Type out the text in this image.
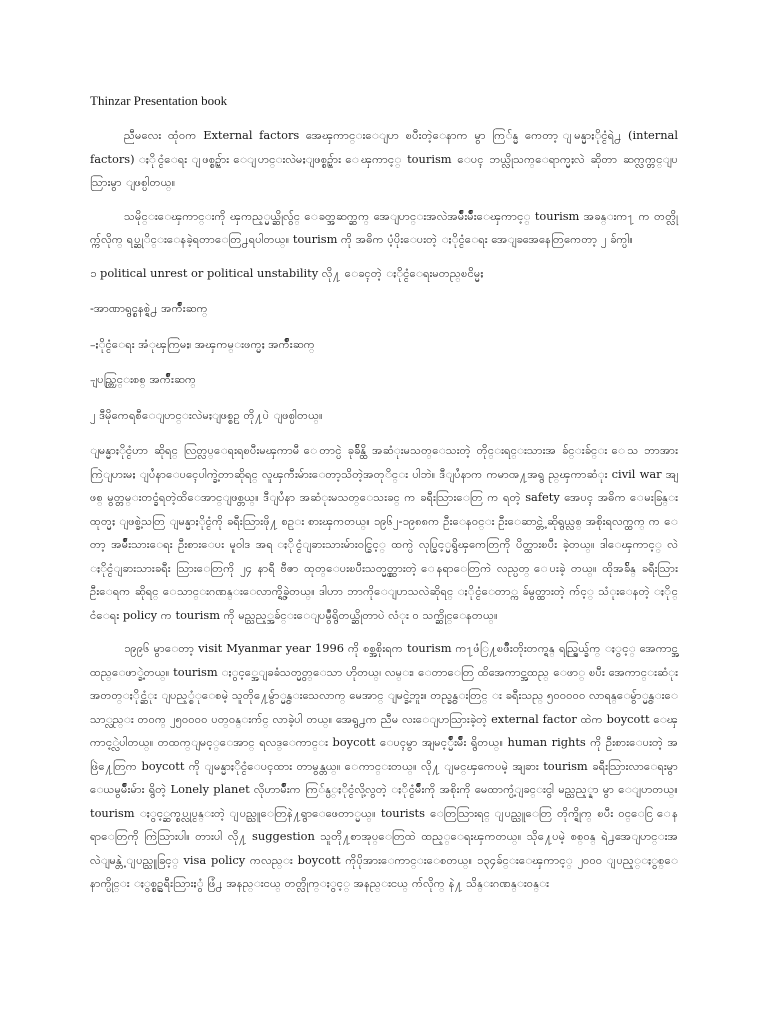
Thinzar Presentation book

ညီမလေး ထုံ၀က External factors အေၾကာင္းေျပာ ၿပီးတဲ့ေနာက မွာ ကြ်န္မ ကေတာ့ ျမန္မာႏိုင္ငံရဲ႕ (internal factors) ႏိုင္ငံေရး ျဖစ္စဥ္မ်ား ေျပာင္းလဲမႈျဖစ္စဥ္မ်ား ေၾကာင့္ tourism ေပၚ ဘယ္လိုသက္ေရာက္မႈလဲ ဆိုတာ ဆက္လက္တင္ျပသြားမွာ ျဖစ္ပါတယ္။

သမိုင္းေၾကာင္းကို ၾကည့္မယ္ဆိုလွ်င္ ေခတ္အဆက္ဆက္ အေျပာင္းအလဲအမ်ိဳးမ်ိဳးေၾကာင့္ tourism အခန္းက႑ က တတ္လိုက္က်လိုက္ ရပ္ဆုိင္းေနခဲ့ရတာေတြ႕ရပါတယ္။ tourism ကို အဓိက ပံ့ပိုးေပးတဲ့ ႏိုင္ငံေရး အေျခအေနေတြကေတာ့ ၂ ခ်က္ပါ။

၁ political unrest or political unstability လို႔ ေခၚတဲ့ ႏိုင္ငံေရးမတည္ၿငိမ္မႈ

-အာဏာရွင္စနစ္ရဲ႕ အက်ိဳးဆက္

-ႏိုင္ငံေရး အံုၾကြမႈ၊ အၾကမ္းဖက္မႈ အက်ိဳးဆက္

-ျပည္တြင္းစစ္ အက်ိဳးဆက္

၂ ဒီမိုကေရစီေျပာင္းလဲမႈျဖစ္စဥ္ တို႔ပဲ ျဖစ္ပါတယ္။

ျမန္မာႏိုင္ငံဟာ ဆိုရင္ လြတ္လပ္ေရးရၿပီးမၾကာမီ ေတာင္ပဲ ခုခ်ိန္ထိ အဆံုးမသတ္ေသးတဲ့ တိုင္းရင္းသားအ ခ်င္းခ်င္း ေသ ဘာအားကြဲျပားမႈ ျပႆနာေပၚေပါက္ခဲ့တာဆိုရင္ လူၾကီးမ်ားေတာ့သိတဲ့အတုိင္း ပါဘဲ။ ဒီျပႆနာက ကမာၻ႔အရွ ည္ၾကာဆံုး civil war အျဖစ္ မွတ္တမ္းတင္ခံရတဲ့ထိေအာင္ျဖစ္တယ္။ ဒီျပႆနာ အဆံုးမသတ္ေသးခင္ က ခရီးသြားေတြ က ရတဲ့ safety အေပၚ အဓိက ေမးခြန္းထုတ္မႈ ျဖစ္ခဲ့သတြ ျမန္မာႏိုင္ငံကို ခရီးသြားဖို႔ စဥ္း စားၾကတယ္။ ၁၉၆၂-၁၉၈၈က ဦးေနဝင္း ဦးေဆာင္တဲ့ ဆိုရွယ္လစ္ အစိုးရလက္ထက္ က ေတာ့ အမ်ိဳးသားေရး ဦးစားေပး မူဝါဒ အရ ႏိုင္ငံျခားသားမ်ားဝင္ခြင့္ ထက္ပဲ လုပ္ခြင့္မရွိၾကေတြကို ပိတ္ထားၿပီး ခဲ့တယ္။ ဒါေၾကာင့္ လဲ ႏိုင္ငံျခားသားခရီး သြားေတြကို ၂၄ နာရီ ဗီဇာ ထုတ္ေပးၿပီးသတ္မွတ္ထားတဲ့ ေနရာေတြကဲ လည္ပတ္ ေပးခဲ့ တယ္။ ထိုအခ်ိန္ ခရီးသြား ဦးေရက ဆိုရင္ ေသာင္းဂဏန္းေလာက္ရွိခဲ့တယ္။ ဒါဟာ ဘာကိုေျပာသလဲဆိုရင္ ႏိုင္ငံေတာ္က ခ်မွတ္ထားတဲ့ က်င့္ သံုးေနတဲ့ ႏိုင္ငံေရး policy က tourism ကို မည္သည့္အခ်င္းေျပမွဳရွိတယ္ဆိုတာပဲ လံုး ၀ သက္ဆိုင္ေနတယ္။

၁၉၉၆ မွာေတာ့ visit Myanmar year 1996 ကို စစ္အစိုးရက tourism က႑ဖံြ႔ၿဖိဳးတိုးတက္ရန္ ရည္ရြယ္ခ်က္ ႏွင့္ အေကာင္အထည္ေဖာ္ခဲ့တယ္။ tourism ႏွင့္အေျခခံသတ္မွတ္ေသာ ဟိုတယ္၊ လမ္း၊ ေတာေတြ ထိအေကာင္အထည္ ေဖာ္ ၿပီး အေကာင္းဆံုး အတတ္ႏိုင္ဆံုး ျပည့္စံုေစမဲ့ သူတို႔ေမွ်ာ္မွန္းသေလာက္ မေအာင္ ျမင္ခဲ့ဘူး။ တည္ခွန္းတြင္ း ခရီးသည္ ၅၀၀၀၀၀ လာရန္ေမွ်ာ္မွန္းေသာ္လည္း တ၀က္ ၂၅၀၀၀၀ ပတ္ဝန္းက်င္ လာခဲ့ပါ တယ္။ အေရွ႕က ညီမ လးေျပာသြားခဲ့တဲ့ external factor ထဲက boycott ေၾကာင့္လဲပါတယ္။ တထက္ျမင့္ေအာင္ ရလဒ္ေကာင္း boycott ေပၚမွာ အျမင့္မ်ိဳးမ်ိဳး ရွိတယ္။ human rights ကို ဦးစားေပးတဲ့ အဖြဲ႔ေတြက boycott ကို ျမန္မာႏိုင္ငံေပၚထား တာမွန္တယ္။ ေကာင္းတယ္။ လို႔ ျမင္ၾကေပမဲ့ အျခား tourism ခရီးသြားလာေရးမွာ ေယမွမ်ိဳးမ်ား ရွိတဲ့ Lonely planet လိုဟာမ်ိဳးက ကြ်န္ပ္ႏိုင္ငံလို့လွတဲ့ ႏိုင္ငံမ်ိဳးကို အစိုးကို မေထာက္ပံ့ျခင္းငွါ မည္သည့္နာ မွာ ေျပာတယ္။ tourism ႏွင့္ဆက္စပ္လုပ္ငန္းတဲ့ ျပည္သူေတြနဲ႔ရွာေဖေတာ္မယ္။ tourists ေတြသြားရင္ ျပည္သူေတြ တိုက္ရိုက္ ၿပီး ဝင္ေငြ ေနရာေတြကို ကြဲသြားပါ။ တားပါ လို႔ suggestion သူတို႔စာအုပ္ေတြထဲ ထည့္ေရးၾကတယ္။ သို႔ေပမဲ့ စစ္ဝန္ ရဲ႕အေျပာင္းအလဲျမန္တဲ့ ျပည္သူခြင့္ visa policy ကလည္း boycott ကိုပိုအားေကာင္းေစတယ္။ ၁၃၄ခ်င္းေၾကာင့္ ၂၀၀၀ ျပည့္ႏွစ္ေနာက္ပိုင္း ႏွစ္စဥ္ခရီးသြားႏွံ ဖြံ႕ အနည္းငယ္ တတ္လိုက္ႏွင့္ အနည္းငယ္ က်လိုက္ နဲ႔ သိန္းဂဏန္းဝန္း
